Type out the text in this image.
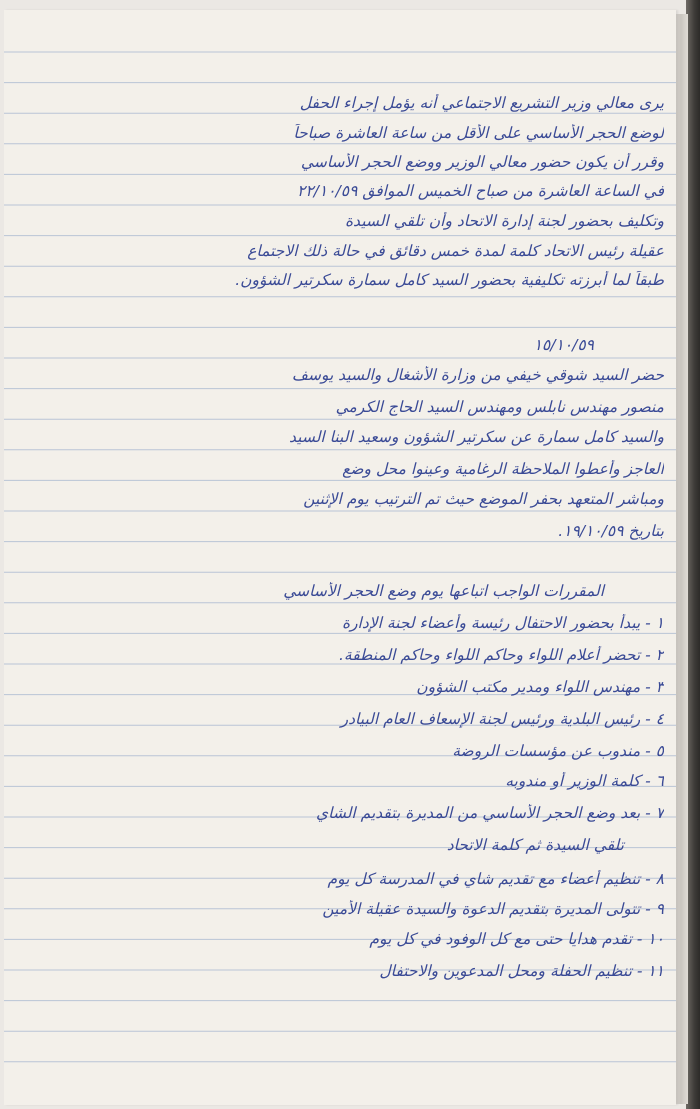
يرى معالي وزير التشريع الاجتماعي أنه يؤمل إجراء الحفل
لوضع الحجر الأساسي على الأقل من ساعة العاشرة صباحاً
وقرر أن يكون حضور معالي الوزير ووضع الحجر الأساسي
في الساعة العاشرة من صباح الخميس الموافق ٢٢/١٠/٥٩
وتكليف بحضور لجنة إدارة الاتحاد وأن تلقي السيدة
عقيلة رئيس الاتحاد كلمة لمدة خمس دقائق في حالة ذلك الاجتماع
طبقاً لما أبرزته تكليفية بحضور السيد كامل سمارة سكرتير الشؤون.
١٥/١٠/٥٩
حضر السيد شوقي خيفي من وزارة الأشغال والسيد يوسف
منصور مهندس نابلس ومهندس السيد الحاج الكرمي
والسيد كامل سمارة عن سكرتير الشؤون وسعيد البنا السيد
العاجز وأعطوا الملاحظة الرغامية وعينوا محل وضع
ومباشر المتعهد بحفر الموضع حيث تم الترتيب يوم الإثنين
بتاريخ ١٩/١٠/٥٩.
المقررات الواجب اتباعها يوم وضع الحجر الأساسي
١ - يبدأ بحضور الاحتفال رئيسة وأعضاء لجنة الإدارة
٢ - تحضر أعلام اللواء وحاكم اللواء وحاكم المنطقة.
٣ - مهندس اللواء ومدير مكتب الشؤون
٤ - رئيس البلدية ورئيس لجنة الإسعاف العام البيادر
٥ - مندوب عن مؤسسات الروضة
٦ - كلمة الوزير أو مندوبه
٧ - بعد وضع الحجر الأساسي من المديرة بتقديم الشاي
تلقي السيدة ثم كلمة الاتحاد
٨ - تنظيم أعضاء مع تقديم شاي في المدرسة كل يوم
٩ - تتولى المديرة بتقديم الدعوة والسيدة عقيلة الأمين
١٠ - تقدم هدايا حتى مع كل الوفود في كل يوم
١١ - تنظيم الحفلة ومحل المدعوين والاحتفال
